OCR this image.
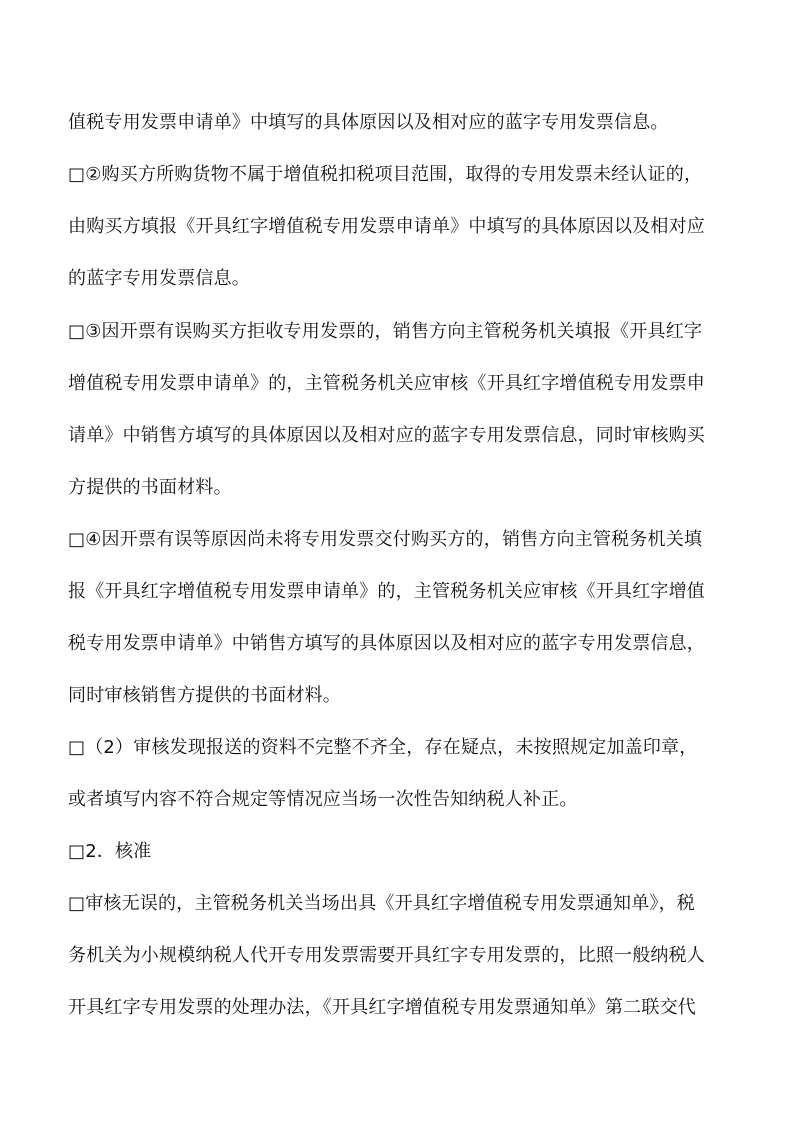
值税专用发票申请单》中填写的具体原因以及相对应的蓝字专用发票信息。
□②购买方所购货物不属于增值税扣税项目范围，取得的专用发票未经认证的，
由购买方填报《开具红字增值税专用发票申请单》中填写的具体原因以及相对应
的蓝字专用发票信息。
□③因开票有误购买方拒收专用发票的，销售方向主管税务机关填报《开具红字
增值税专用发票申请单》的，主管税务机关应审核《开具红字增值税专用发票申
请单》中销售方填写的具体原因以及相对应的蓝字专用发票信息，同时审核购买
方提供的书面材料。
□④因开票有误等原因尚未将专用发票交付购买方的，销售方向主管税务机关填
报《开具红字增值税专用发票申请单》的，主管税务机关应审核《开具红字增值
税专用发票申请单》中销售方填写的具体原因以及相对应的蓝字专用发票信息，
同时审核销售方提供的书面材料。
□（2）审核发现报送的资料不完整不齐全，存在疑点，未按照规定加盖印章，
或者填写内容不符合规定等情况应当场一次性告知纳税人补正。
□2．核准
□审核无误的，主管税务机关当场出具《开具红字增值税专用发票通知单》，税
务机关为小规模纳税人代开专用发票需要开具红字专用发票的，比照一般纳税人
开具红字专用发票的处理办法，《开具红字增值税专用发票通知单》第二联交代
